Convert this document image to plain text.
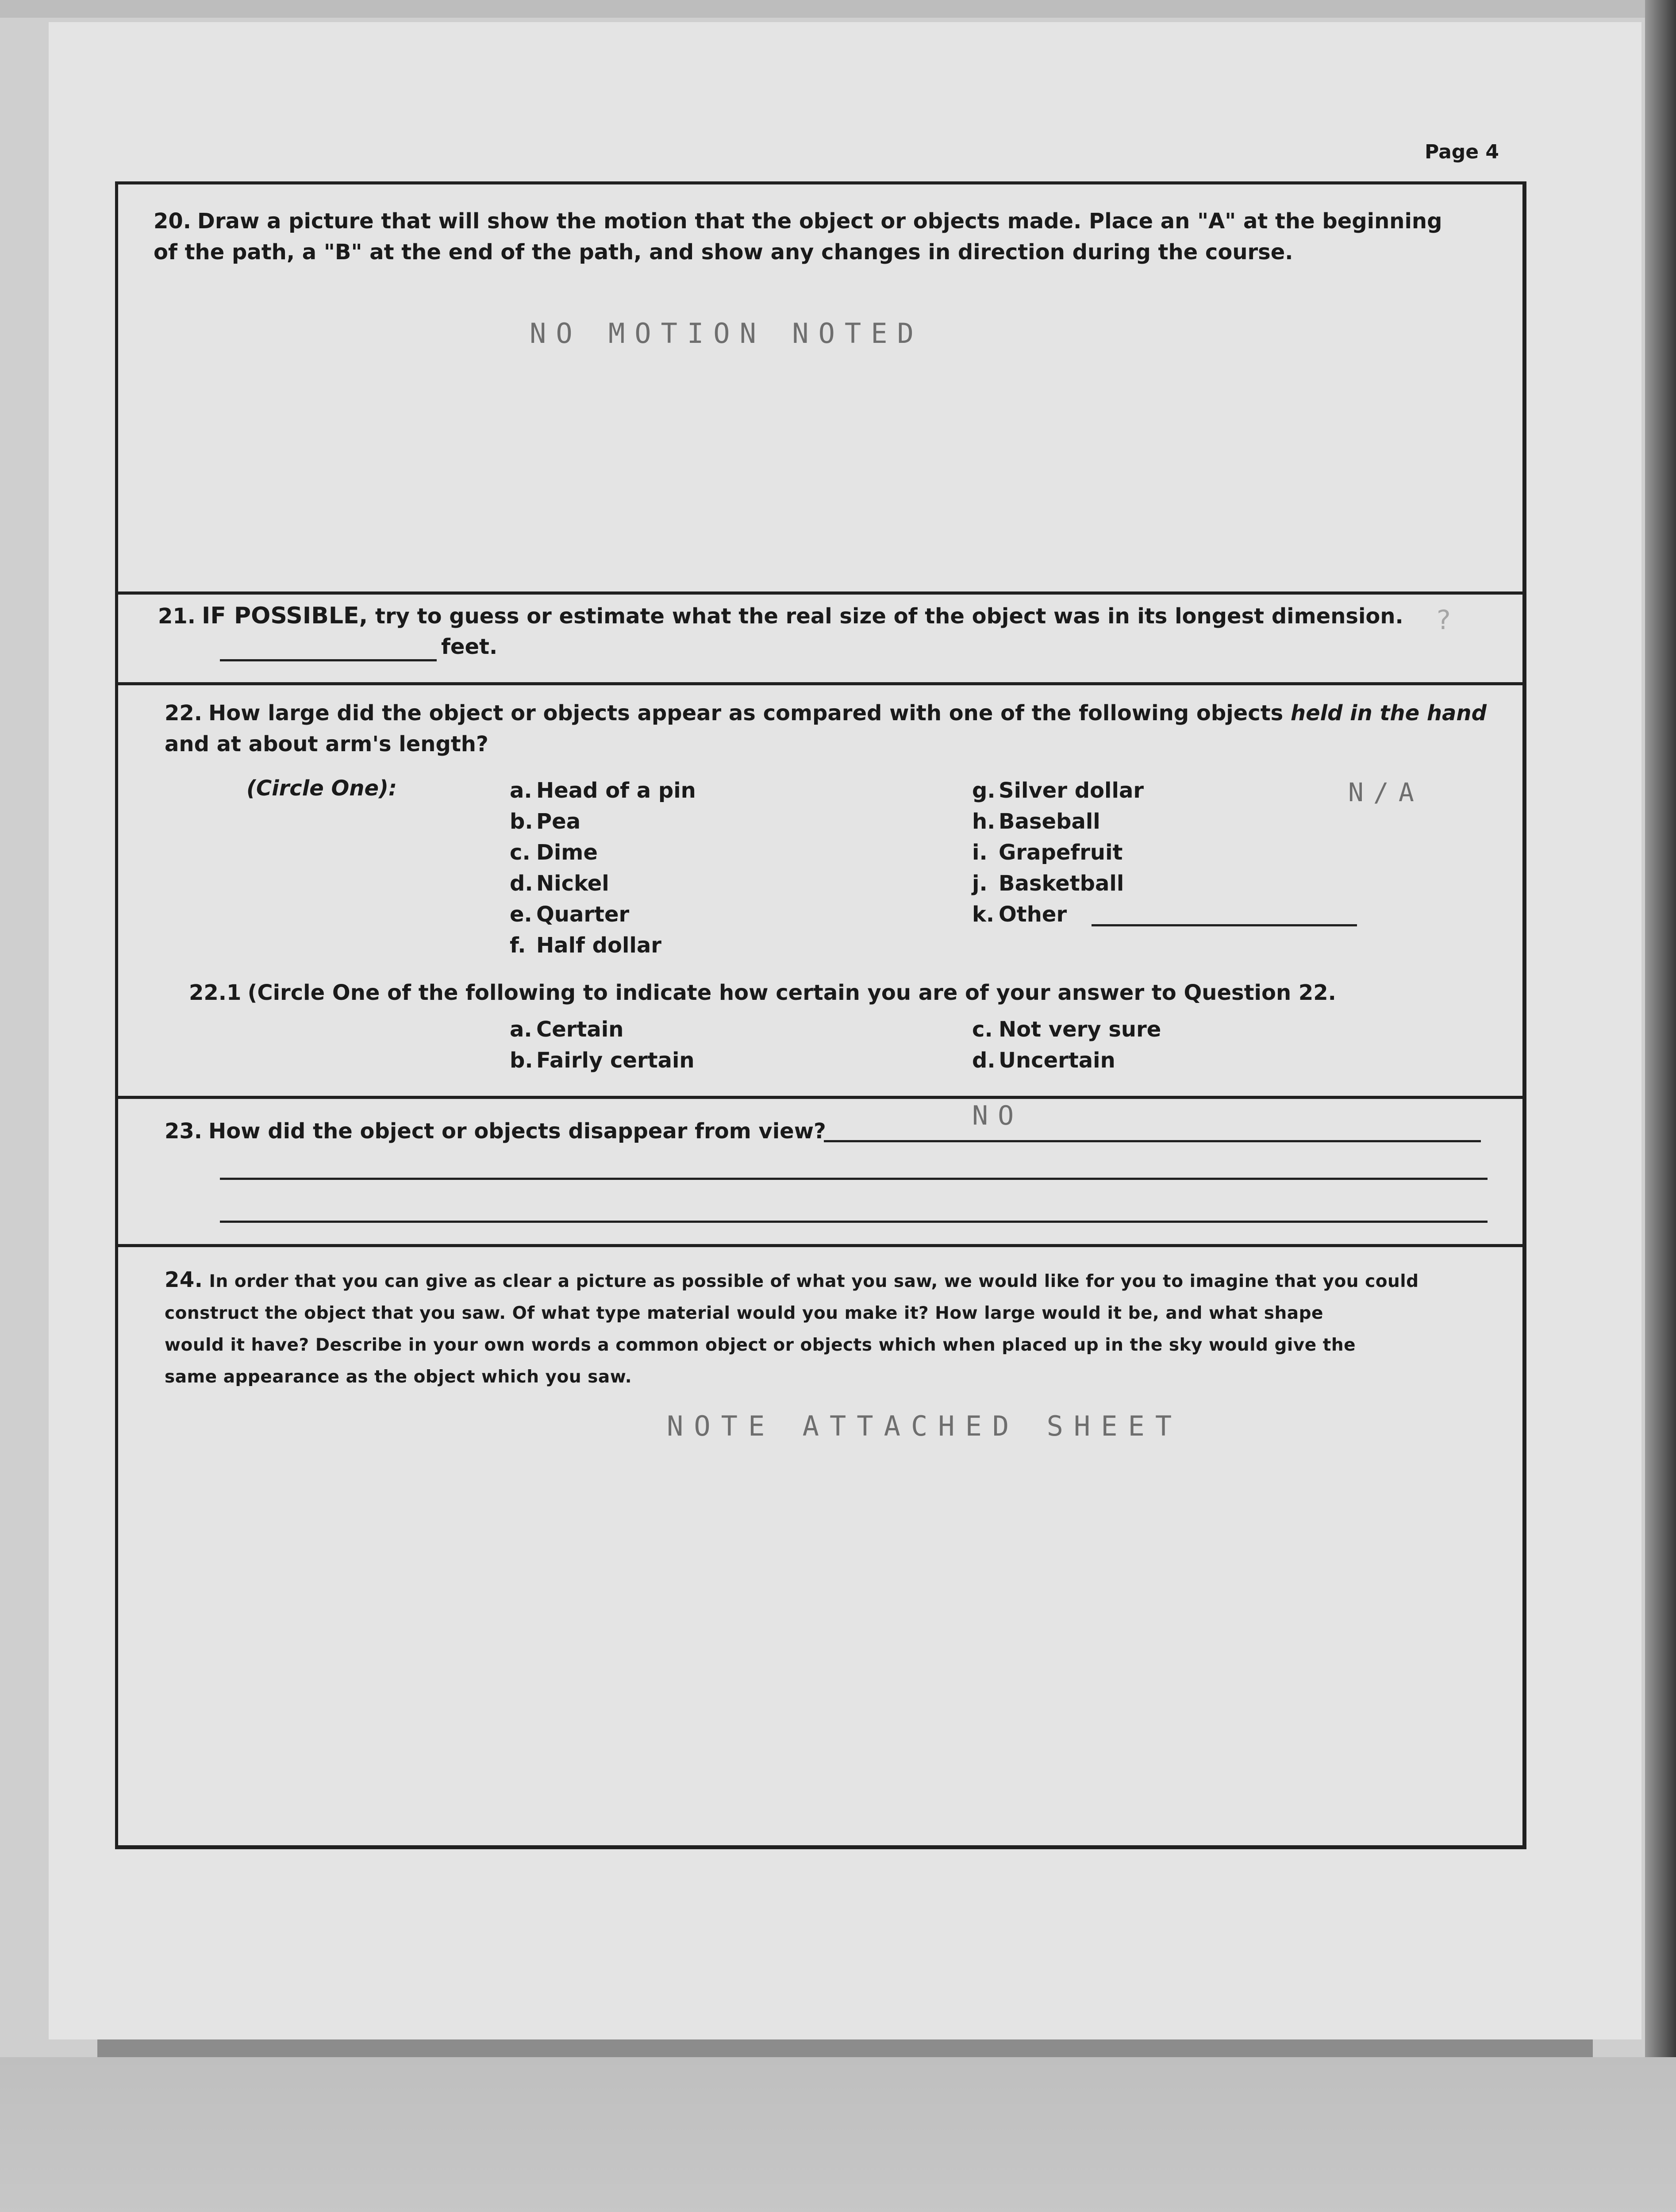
Page 4
20. Draw a picture that will show the motion that the object or objects made. Place an "A" at the beginning
of the path, a "B" at the end of the path, and show any changes in direction during the course.
NO MOTION NOTED
21. IF POSSIBLE, try to guess or estimate what the real size of the object was in its longest dimension.
feet.
?
22. How large did the object or objects appear as compared with one of the following objects held in the hand
and at about arm's length?
(Circle One):	a. Head of a pin
b. Pea
c. Dime
d. Nickel
e. Quarter
f. Half dollar
g. Silver dollar
h. Baseball
i. Grapefruit
j. Basketball
k. Other
N/A
22.1 (Circle One of the following to indicate how certain you are of your answer to Question 22.
a. Certain
b. Fairly certain
c. Not very sure
d. Uncertain
23. How did the object or objects disappear from view?	NO
24. In order that you can give as clear a picture as possible of what you saw, we would like for you to imagine that you could
construct the object that you saw. Of what type material would you make it? How large would it be, and what shape
would it have? Describe in your own words a common object or objects which when placed up in the sky would give the
same appearance as the object which you saw.
NOTE ATTACHED SHEET
